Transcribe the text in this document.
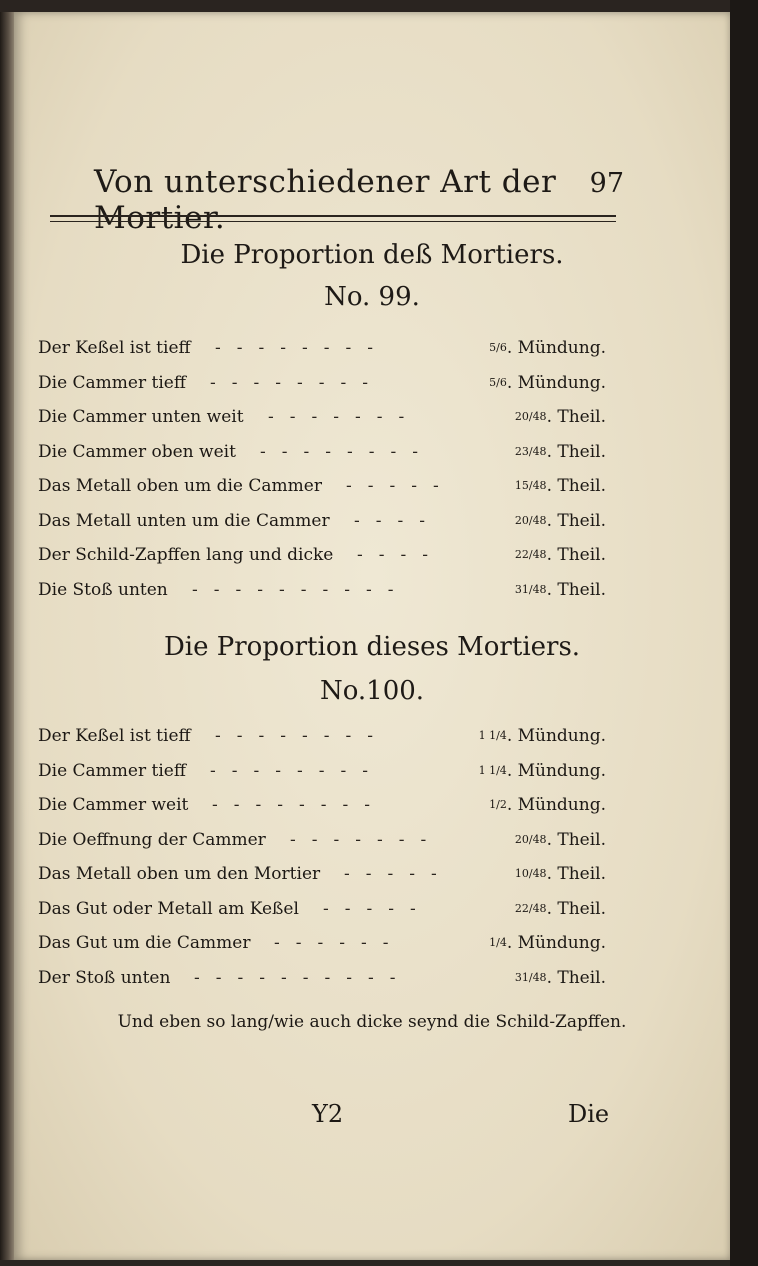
Von unterschiedener Art der Mortier.
97
Die Proportion deß Mortiers.
No. 99.
Der Keßel ist tieff --------	5/6. Mündung.
Die Cammer tieff --------	5/6. Mündung.
Die Cammer unten weit -------	20/48. Theil.
Die Cammer oben weit --------	23/48. Theil.
Das Metall oben um die Cammer -----	15/48. Theil.
Das Metall unten um die Cammer ----	20/48. Theil.
Der Schild-Zapffen lang und dicke ----	22/48. Theil.
Die Stoß unten ----------	31/48. Theil.
Die Proportion dieses Mortiers.
No.100.
Der Keßel ist tieff --------	1 1/4. Mündung.
Die Cammer tieff --------	1 1/4. Mündung.
Die Cammer weit --------	1/2. Mündung.
Die Oeffnung der Cammer -------	20/48. Theil.
Das Metall oben um den Mortier -----	10/48. Theil.
Das Gut oder Metall am Keßel -----	22/48. Theil.
Das Gut um die Cammer ------	1/4. Mündung.
Der Stoß unten ----------	31/48. Theil.
Und eben so lang/wie auch dicke seynd die Schild-Zapffen.
Y2	Die
